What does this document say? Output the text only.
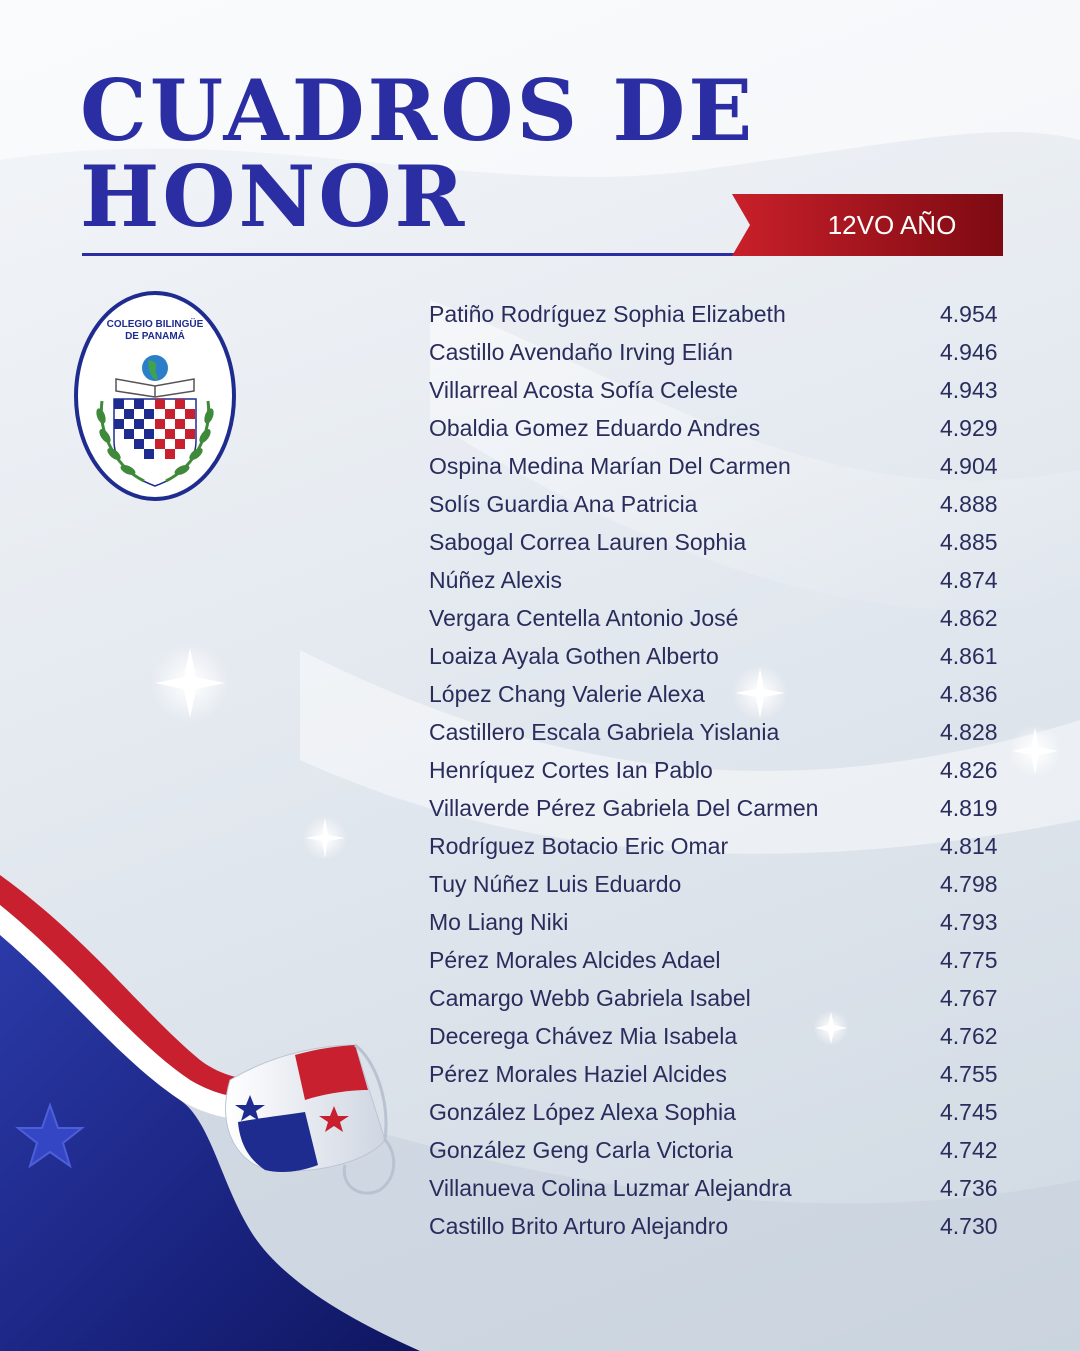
CUADROS DE
HONOR	12VO AÑO
COLEGIO BILINGÜE
DE PANAMÁ
Patiño Rodríguez Sophia Elizabeth	4.954
Castillo Avendaño Irving Elián	4.946
Villarreal Acosta Sofía Celeste	4.943
Obaldia Gomez Eduardo Andres	4.929
Ospina Medina Marían Del Carmen	4.904
Solís Guardia Ana Patricia	4.888
Sabogal Correa Lauren Sophia	4.885
Núñez Alexis	4.874
Vergara Centella Antonio José	4.862
Loaiza Ayala Gothen Alberto	4.861
López Chang Valerie Alexa	4.836
Castillero Escala Gabriela Yislania	4.828
Henríquez Cortes Ian Pablo	4.826
Villaverde Pérez Gabriela Del Carmen	4.819
Rodríguez Botacio Eric Omar	4.814
Tuy Núñez Luis Eduardo	4.798
Mo Liang Niki	4.793
Pérez Morales Alcides Adael	4.775
Camargo Webb Gabriela Isabel	4.767
Decerega Chávez Mia Isabela	4.762
Pérez Morales Haziel Alcides	4.755
González López Alexa Sophia	4.745
González Geng Carla Victoria	4.742
Villanueva Colina Luzmar Alejandra	4.736
Castillo Brito Arturo Alejandro	4.730
